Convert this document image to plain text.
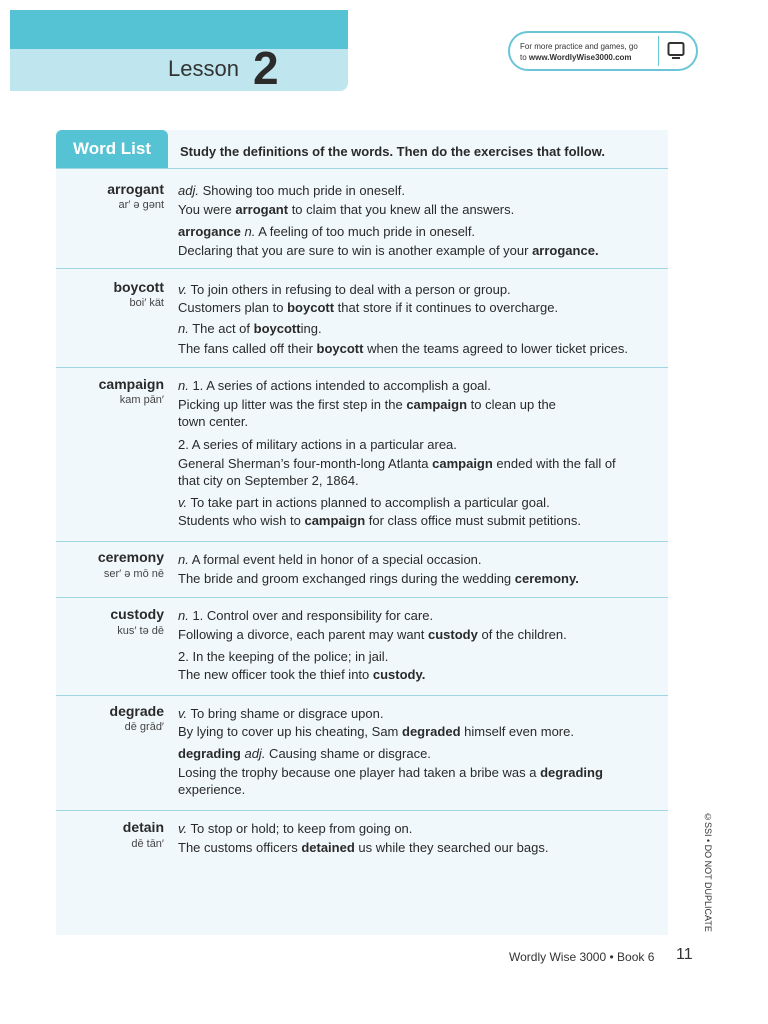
Lesson 2	For more practice and games, go
to www.WordlyWise3000.com
Word List	Study the definitions of the words. Then do the exercises that follow.
arrogant
ar′ ə gənt
adj. Showing too much pride in oneself.
You were arrogant to claim that you knew all the answers.
arrogance n. A feeling of too much pride in oneself.
Declaring that you are sure to win is another example of your arrogance.
boycott
boi′ kät
v. To join others in refusing to deal with a person or group.
Customers plan to boycott that store if it continues to overcharge.
n. The act of boycotting.
The fans called off their boycott when the teams agreed to lower ticket prices.
campaign
kam pān′
n. 1. A series of actions intended to accomplish a goal.
Picking up litter was the first step in the campaign to clean up the
town center.
2. A series of military actions in a particular area.
General Sherman’s four-month-long Atlanta campaign ended with the fall of
that city on September 2, 1864.
v. To take part in actions planned to accomplish a particular goal.
Students who wish to campaign for class office must submit petitions.
ceremony
ser′ ə mō nē
n. A formal event held in honor of a special occasion.
The bride and groom exchanged rings during the wedding ceremony.
custody
kus′ tə dē
n. 1. Control over and responsibility for care.
Following a divorce, each parent may want custody of the children.
2. In the keeping of the police; in jail.
The new officer took the thief into custody.
degrade
dē grād′
v. To bring shame or disgrace upon.
By lying to cover up his cheating, Sam degraded himself even more.
degrading adj. Causing shame or disgrace.
Losing the trophy because one player had taken a bribe was a degrading
experience.
detain
dē tān′
v. To stop or hold; to keep from going on.
The customs officers detained us while they searched our bags.
Wordly Wise 3000 • Book 6 11
©SSI • DO NOT DUPLICATE
